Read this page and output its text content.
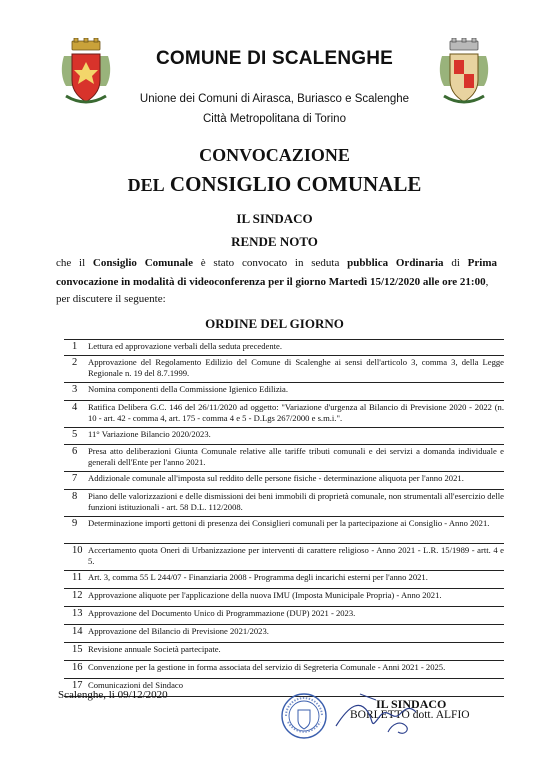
COMUNE DI SCALENGHE
Unione dei Comuni di Airasca, Buriasco e Scalenghe
Città Metropolitana di Torino
CONVOCAZIONE
DEL CONSIGLIO COMUNALE
IL SINDACO
RENDE NOTO
che il Consiglio Comunale è stato convocato in seduta pubblica Ordinaria di Prima convocazione in modalità di videoconferenza per il giorno Martedì 15/12/2020 alle ore 21:00,
per discutere il seguente:
ORDINE DEL GIORNO
1	Lettura ed approvazione verbali della seduta precedente.
2	Approvazione del Regolamento Edilizio del Comune di Scalenghe ai sensi dell'articolo 3, comma 3, della Legge Regionale n. 19 del 8.7.1999.
3	Nomina componenti della Commissione Igienico Edilizia.
4	Ratifica Delibera G.C. 146 del 26/11/2020 ad oggetto: "Variazione d'urgenza al Bilancio di Previsione 2020 - 2022 (n. 10 - art. 42 - comma 4, art. 175 - comma 4 e 5 - D.Lgs 267/2000 e s.m.i.".
5	11° Variazione Bilancio 2020/2023.
6	Presa atto deliberazioni Giunta Comunale relative alle tariffe tributi comunali e dei servizi a domanda individuale e generali dell'Ente per l'anno 2021.
7	Addizionale comunale all'imposta sul reddito delle persone fisiche - determinazione aliquota per l'anno 2021.
8	Piano delle valorizzazioni e delle dismissioni dei beni immobili di proprietà comunale, non strumentali all'esercizio delle funzioni istituzionali - art. 58 D.L. 112/2008.
9	Determinazione importi gettoni di presenza dei Consiglieri comunali per la partecipazione ai Consiglio - Anno 2021.
10 Accertamento quota Oneri di Urbanizzazione per interventi di carattere religioso - Anno 2021 - L.R. 15/1989 - artt. 4 e 5.
11 Art. 3, comma 55 L 244/07 - Finanziaria 2008 - Programma degli incarichi esterni per l'anno 2021.
12 Approvazione aliquote per l'applicazione della nuova IMU (Imposta Municipale Propria) - Anno 2021.
13 Approvazione del Documento Unico di Programmazione (DUP) 2021 - 2023.
14 Approvazione del Bilancio di Previsione 2021/2023.
15 Revisione annuale Società partecipate.
16 Convenzione per la gestione in forma associata del servizio di Segreteria Comunale - Anni 2021 - 2025.
17 Comunicazioni del Sindaco
Scalenghe, li 09/12/2020
IL SINDACO
BORLETTO dott. ALFIO
